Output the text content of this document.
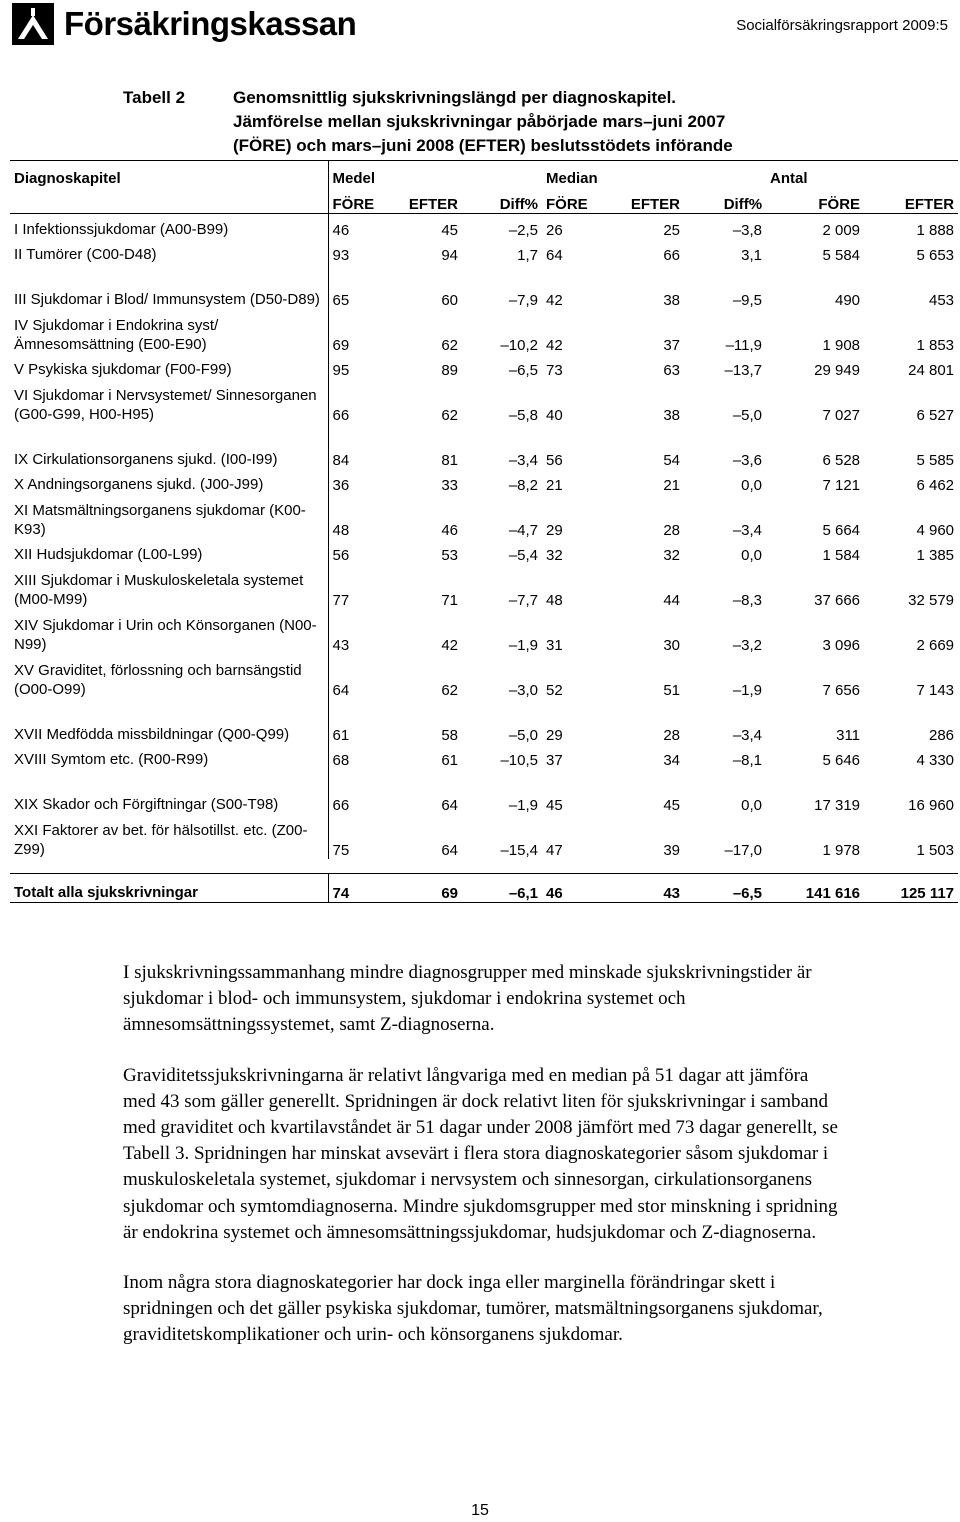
Försäkringskassan	Socialförsäkringsrapport 2009:5
Tabell 2	Genomsnittlig sjukskrivningslängd per diagnoskapitel.
Jämförelse mellan sjukskrivningar påbörjade mars–juni 2007
(FÖRE) och mars–juni 2008 (EFTER) beslutsstödets införande
Diagnoskapitel	Medel			Median			Antal	
	FÖRE	EFTER	Diff%	FÖRE	EFTER	Diff%	FÖRE	EFTER
I Infektionssjukdomar (A00-B99)	46	45	–2,5	26	25	–3,8	2 009	1 888
II Tumörer (C00-D48)	93	94	1,7	64	66	3,1	5 584	5 653
III Sjukdomar i Blod/ Immunsystem (D50-D89)	65	60	–7,9	42	38	–9,5	490	453
IV Sjukdomar i Endokrina syst/ Ämnesomsättning (E00-E90)	69	62	–10,2	42	37	–11,9	1 908	1 853
V Psykiska sjukdomar (F00-F99)	95	89	–6,5	73	63	–13,7	29 949	24 801
VI Sjukdomar i Nervsystemet/ Sinnesorganen (G00-G99, H00-H95)	66	62	–5,8	40	38	–5,0	7 027	6 527
IX Cirkulationsorganens sjukd. (I00-I99)	84	81	–3,4	56	54	–3,6	6 528	5 585
X Andningsorganens sjukd. (J00-J99)	36	33	–8,2	21	21	0,0	7 121	6 462
XI Matsmältningsorganens sjukdomar (K00-K93)	48	46	–4,7	29	28	–3,4	5 664	4 960
XII Hudsjukdomar (L00-L99)	56	53	–5,4	32	32	0,0	1 584	1 385
XIII Sjukdomar i Muskuloskeletala systemet (M00-M99)	77	71	–7,7	48	44	–8,3	37 666	32 579
XIV Sjukdomar i Urin och Könsorganen (N00-N99)	43	42	–1,9	31	30	–3,2	3 096	2 669
XV Graviditet, förlossning och barnsängstid (O00-O99)	64	62	–3,0	52	51	–1,9	7 656	7 143
XVII Medfödda missbildningar (Q00-Q99)	61	58	–5,0	29	28	–3,4	311	286
XVIII Symtom etc. (R00-R99)	68	61	–10,5	37	34	–8,1	5 646	4 330
XIX Skador och Förgiftningar (S00-T98)	66	64	–1,9	45	45	0,0	17 319	16 960
XXI Faktorer av bet. för hälsotillst. etc. (Z00-Z99)	75	64	–15,4	47	39	–17,0	1 978	1 503

Totalt alla sjukskrivningar	74	69	–6,1	46	43	–6,5	141 616	125 117

I sjukskrivningssammanhang mindre diagnosgrupper med minskade sjukskrivningstider är sjukdomar i blod- och immunsystem, sjukdomar i endokrina systemet och ämnesomsättningssystemet, samt Z-diagnoserna.

Graviditetssjukskrivningarna är relativt långvariga med en median på 51 dagar att jämföra med 43 som gäller generellt. Spridningen är dock relativt liten för sjukskrivningar i samband med graviditet och kvartilavståndet är 51 dagar under 2008 jämfört med 73 dagar generellt, se Tabell 3. Spridningen har minskat avsevärt i flera stora diagnoskategorier såsom sjukdomar i muskuloskeletala systemet, sjukdomar i nervsystem och sinnesorgan, cirkulationsorganens sjukdomar och symtomdiagnoserna. Mindre sjukdomsgrupper med stor minskning i spridning är endokrina systemet och ämnesomsättningssjukdomar, hudsjukdomar och Z-diagnoserna.

Inom några stora diagnoskategorier har dock inga eller marginella förändringar skett i spridningen och det gäller psykiska sjukdomar, tumörer, matsmältningsorganens sjukdomar, graviditetskomplikationer och urin- och könsorganens sjukdomar.

15
